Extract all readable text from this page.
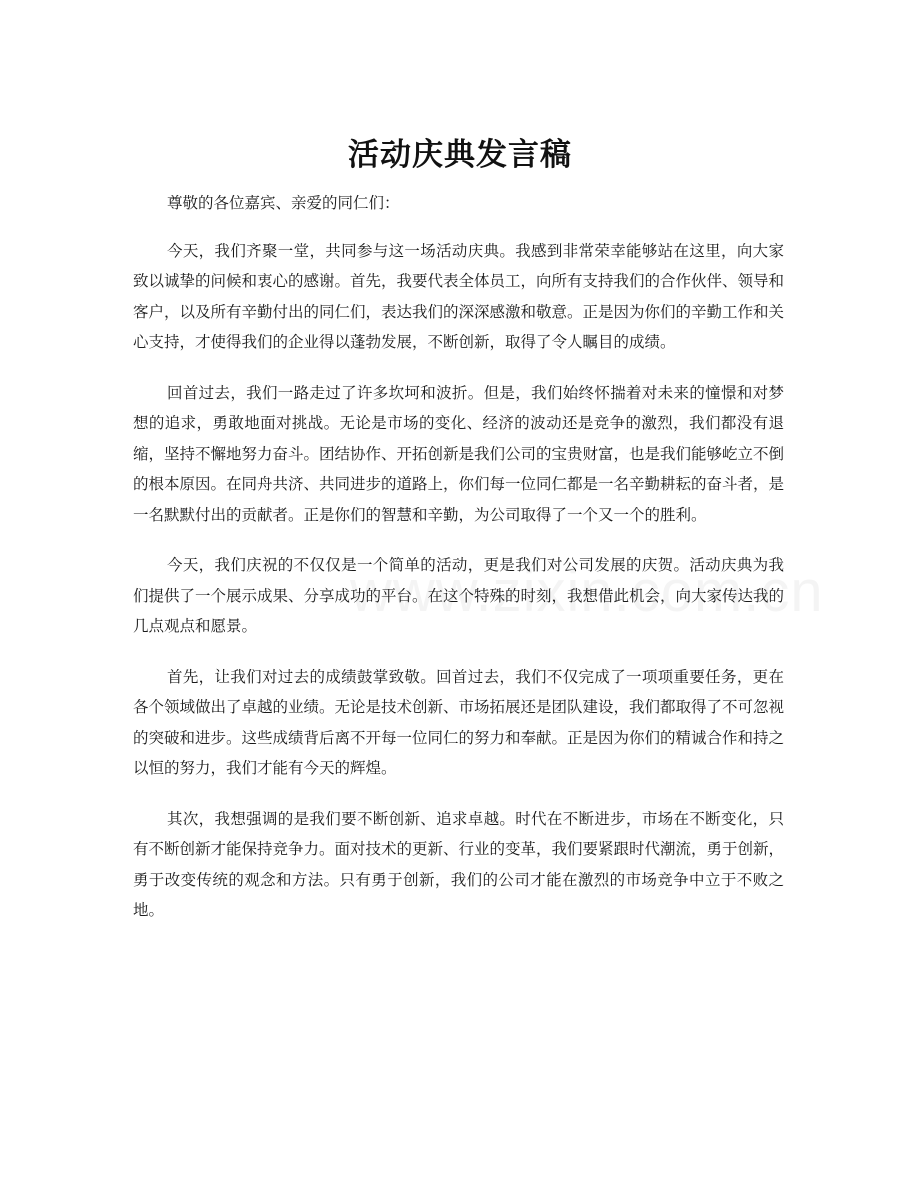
活动庆典发言稿

尊敬的各位嘉宾、亲爱的同仁们：

今天，我们齐聚一堂，共同参与这一场活动庆典。我感到非常荣幸能够站在这里，向大家致以诚挚的问候和衷心的感谢。首先，我要代表全体员工，向所有支持我们的合作伙伴、领导和客户，以及所有辛勤付出的同仁们，表达我们的深深感激和敬意。正是因为你们的辛勤工作和关心支持，才使得我们的企业得以蓬勃发展，不断创新，取得了令人瞩目的成绩。

回首过去，我们一路走过了许多坎坷和波折。但是，我们始终怀揣着对未来的憧憬和对梦想的追求，勇敢地面对挑战。无论是市场的变化、经济的波动还是竞争的激烈，我们都没有退缩，坚持不懈地努力奋斗。团结协作、开拓创新是我们公司的宝贵财富，也是我们能够屹立不倒的根本原因。在同舟共济、共同进步的道路上，你们每一位同仁都是一名辛勤耕耘的奋斗者，是一名默默付出的贡献者。正是你们的智慧和辛勤，为公司取得了一个又一个的胜利。

今天，我们庆祝的不仅仅是一个简单的活动，更是我们对公司发展的庆贺。活动庆典为我们提供了一个展示成果、分享成功的平台。在这个特殊的时刻，我想借此机会，向大家传达我的几点观点和愿景。

首先，让我们对过去的成绩鼓掌致敬。回首过去，我们不仅完成了一项项重要任务，更在各个领域做出了卓越的业绩。无论是技术创新、市场拓展还是团队建设，我们都取得了不可忽视的突破和进步。这些成绩背后离不开每一位同仁的努力和奉献。正是因为你们的精诚合作和持之以恒的努力，我们才能有今天的辉煌。

其次，我想强调的是我们要不断创新、追求卓越。时代在不断进步，市场在不断变化，只有不断创新才能保持竞争力。面对技术的更新、行业的变革，我们要紧跟时代潮流，勇于创新，勇于改变传统的观念和方法。只有勇于创新，我们的公司才能在激烈的市场竞争中立于不败之地。
